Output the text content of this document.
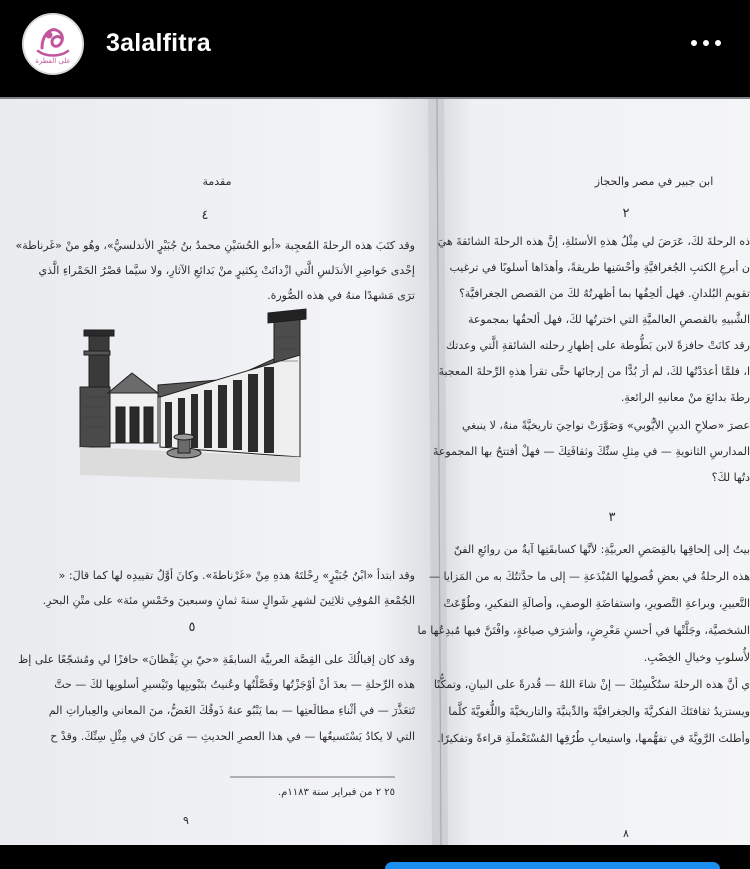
على الفطرة
3alalfitra
مقدمة
٤
وقد كتَبَ هذه الرحلةَ المُعجِبة «أبو الحُسَيْنِ محمدُ بنُ جُبَيْرٍ الأندلسيُّ»، وهُو منْ «غَرناطة»
إحْدى حَواضِرِ الأندَلسِ الَّتي ازْدانَتْ بِكثيرٍ منْ بَدائعِ الآثارِ، ولا سيَّما قصْرُ الحَمْراءِ الَّذي
ترَى مَشهدًا منهُ في هذه الصُّورة.
وقد ابتدأ «ابْنُ جُبَيْرٍ» رِحْلتَهُ هذهِ مِنْ «غَرْناطةَ». وكانَ أوَّلُ تقييدِه لها كما قالَ: «
الجُمْعةِ المُوفِي ثلاثِينَ لشهرِ شَوالٍ سنةَ ثمانٍ وسبعينَ وخَمْسِ مئة» على متْنِ البحرِ.
٥
وقد كان إقبالُكَ على القِصَّة العربيَّة السابقَةِ «حيّ بنِ يَقْظانَ» حافزًا لي ومُشجّعًا على إظ
هذه الرِّحلةِ — بعدَ أنْ أوْجَزْتُها وفَصَّلْتُها وعُنيتُ بتَبْويبِها وتَيْسيرِ أسلوبِها لكَ — حتَّ
تَتعَذَّرَ — في أثْناءِ مطالَعتِها — بما يَنْبُو عنهُ ذَوقُكَ الغَضُّ، منَ المعاني والعِباراتِ الم
التي لا يكادُ يَسْتَسيغُها — في هذا العصرِ الحديثِ — مَن كانَ في مِثْلِ سِنِّكَ. وقدْ ح
٢٥ ٢ من فبراير سنة ١١٨٣م.
٩
ابن جبير في مصر والحجاز
٢
ذه الرحلةَ لكَ، عَرَضَ لي مِثْلُ هذهِ الأسئلةِ، إنَّ هذه الرحلةَ الشائقةَ هيَ
ن أبرعِ الكتبِ الجُغرافيَّةِ وأحْسَنِها طريقةً، وأهدَاها أسلوبًا في ترغيب
تقويمِ البُلدانِ. فهل ألحِقُها بما أظهرتُهُ لكَ من القصص الجغرافيَّة؟
الشَّبيهِ بالقصصِ العالميَّةِ التي اخترتُها لكَ، فهل ألحقُها بمجموعة
رقد كانَتْ حافزةً لابن بَطُّوطة على إظهارِ رحلته الشائقةِ الَّتي وعدتك
ا، فلمَّا أعدَدْتُها لكَ، لم أرَ بُدًّا من إرجائها حتَّى تقرأ هذهِ الرِّحلةَ المعجبةَ
رطةَ بدائعَ منْ معانيهِ الرائعةِ.
عصرَ «صلاحِ الدينِ الأيُّوبي» وَصَوَّرَتْ نواحِيَ تاريخيَّةً منهُ، لا ينبغي
المدارسِ الثانويةِ — في مِثلِ سنِّكَ وثقافَتِكَ — فهلْ أفتتحُ بها المجموعةَ
دتُها لكَ؟
٣
بيتُ إلى إلحاقِها بالقِصَصِ العربيَّةِ: لأنَّها كسابقَتِها آيةٌ من روائعِ الفنّ
هذه الرحلةُ في بعضِ فُصولِها المُبْدَعةِ — إلى ما حدَّثتُكَ به من المَزايا —
التَّعبيرِ، وبراعةِ التَّصويرِ، واستفاضَةِ الوصفِ، وأصالَةِ التفكيرِ، وطُوِّعَتْ
الشخصيَّة، وجَلَّتْها في أحسنِ مَعْرِضٍ، وأشرَفِ صياغةٍ، وافْتَنَّ فيها مُبدِعُها ما
لأُسلوبِ وخيالِ الخِصْبِ.
ي أنَّ هذه الرحلةَ ستُكْسِبُكَ — إنْ شاءَ اللهُ — قُدرةً على البيانِ، وتمكُّنًا
ويستزيدُ ثقافتَكَ الفكريَّةَ والجغرافيَّةَ والدِّينيَّةَ والتاريخيَّةَ واللُّغويَّةَ كلَّما
وأطلتَ الرَّويَّةَ في تفهُّمها، واستيعابِ طُرُقِها المُسْتَعْملَةِ قراءةً وتفكيرًا.
٨
